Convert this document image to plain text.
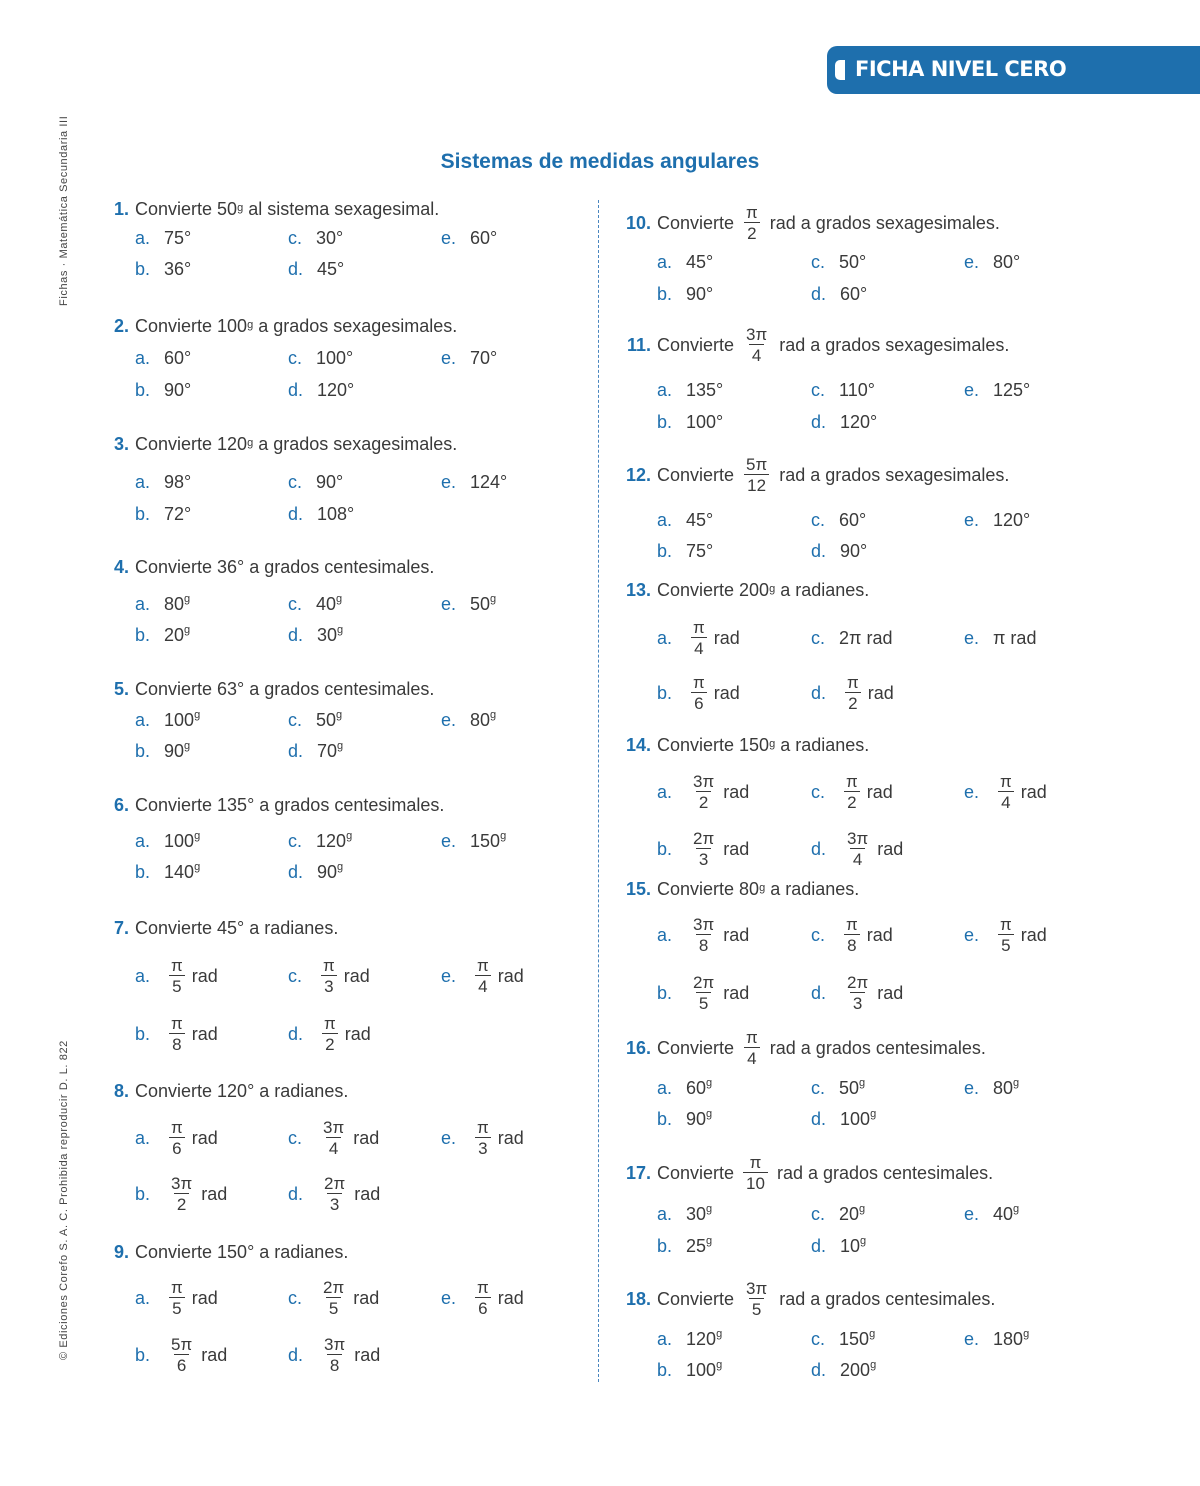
FICHA NIVEL CERO
Fichas · Matemática Secundaria III
© Ediciones Corefo S. A. C. Prohibida reproducir D. L. 822
Sistemas de medidas angulares
1. Convierte 50$^g$ al sistema sexagesimal.
a. 75°
b. 36°
c. 30°
d. 45°
e. 60°
2. Convierte 100$^g$ a grados sexagesimales.
a. 60°
b. 90°
c. 100°
d. 120°
e. 70°
3. Convierte 120$^g$ a grados sexagesimales.
a. 98°
b. 72°
c. 90°
d. 108°
e. 124°
4. Convierte 36° a grados centesimales.
a. 80$^g$
b. 20$^g$
c. 40$^g$
d. 30$^g$
e. 50$^g$
5. Convierte 63° a grados centesimales.
a. 100$^g$
b. 90$^g$
c. 50$^g$
d. 70$^g$
e. 80$^g$
6. Convierte 135° a grados centesimales.
a. 100$^g$
b. 140$^g$
c. 120$^g$
d. 90$^g$
e. 150$^g$
7. Convierte 45° a radianes.
a. $\frac{\pi}{5}$ rad
b. $\frac{\pi}{8}$ rad
c. $\frac{\pi}{3}$ rad
d. $\frac{\pi}{2}$ rad
e. $\frac{\pi}{4}$ rad
8. Convierte 120° a radianes.
a. $\frac{\pi}{6}$ rad
b. $\frac{3\pi}{2}$ rad
c. $\frac{3\pi}{4}$ rad
d. $\frac{2\pi}{3}$ rad
e. $\frac{\pi}{3}$ rad
9. Convierte 150° a radianes.
a. $\frac{\pi}{5}$ rad
b. $\frac{5\pi}{6}$ rad
c. $\frac{2\pi}{5}$ rad
d. $\frac{3\pi}{8}$ rad
e. $\frac{\pi}{6}$ rad
10. Convierte $\frac{\pi}{2}$ rad a grados sexagesimales.
a. 45°
b. 90°
c. 50°
d. 60°
e. 80°
11. Convierte $\frac{3\pi}{4}$ rad a grados sexagesimales.
a. 135°
b. 100°
c. 110°
d. 120°
e. 125°
12. Convierte $\frac{5\pi}{12}$ rad a grados sexagesimales.
a. 45°
b. 75°
c. 60°
d. 90°
e. 120°
13. Convierte 200$^g$ a radianes.
a. $\frac{\pi}{4}$ rad
b. $\frac{\pi}{6}$ rad
c. 2π rad
d. $\frac{\pi}{2}$ rad
e. π rad
14. Convierte 150$^g$ a radianes.
a. $\frac{3\pi}{2}$ rad
b. $\frac{2\pi}{3}$ rad
c. $\frac{\pi}{2}$ rad
d. $\frac{3\pi}{4}$ rad
e. $\frac{\pi}{4}$ rad
15. Convierte 80$^g$ a radianes.
a. $\frac{3\pi}{8}$ rad
b. $\frac{2\pi}{5}$ rad
c. $\frac{\pi}{8}$ rad
d. $\frac{2\pi}{3}$ rad
e. $\frac{\pi}{5}$ rad
16. Convierte $\frac{\pi}{4}$ rad a grados centesimales.
a. 60$^g$
b. 90$^g$
c. 50$^g$
d. 100$^g$
e. 80$^g$
17. Convierte $\frac{\pi}{10}$ rad a grados centesimales.
a. 30$^g$
b. 25$^g$
c. 20$^g$
d. 10$^g$
e. 40$^g$
18. Convierte $\frac{3\pi}{5}$ rad a grados centesimales.
a. 120$^g$
b. 100$^g$
c. 150$^g$
d. 200$^g$
e. 180$^g$
